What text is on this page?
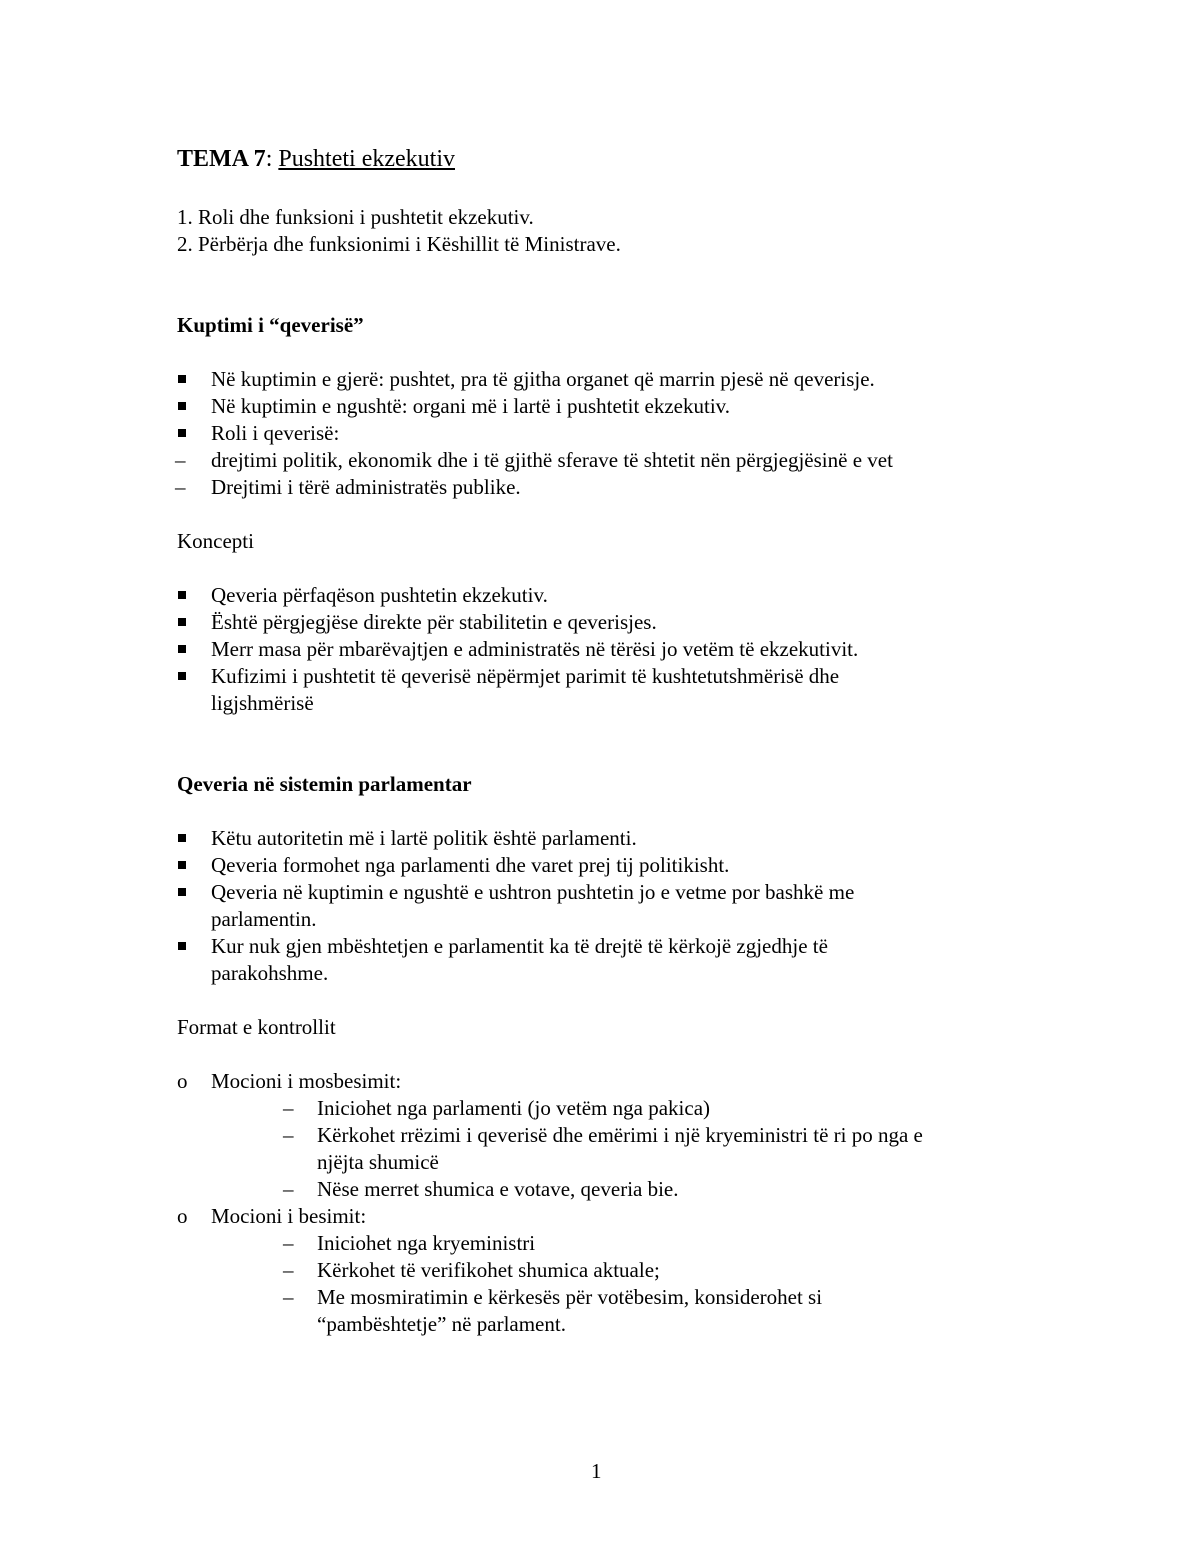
TEMA 7: Pushteti ekzekutiv
1. Roli dhe funksioni i pushtetit ekzekutiv.
2. Përbërja dhe funksionimi i Këshillit të Ministrave.
Kuptimi i “qeverisë”
Në kuptimin e gjerë: pushtet, pra të gjitha organet që marrin pjesë në qeverisje.
Në kuptimin e ngushtë: organi më i lartë i pushtetit ekzekutiv.
Roli i qeverisë:
– drejtimi politik, ekonomik dhe i të gjithë sferave të shtetit nën përgjegjësinë e vet
– Drejtimi i tërë administratës publike.
Koncepti
Qeveria përfaqëson pushtetin ekzekutiv.
Është përgjegjëse direkte për stabilitetin e qeverisjes.
Merr masa për mbarëvajtjen e administratës në tërësi jo vetëm të ekzekutivit.
Kufizimi i pushtetit të qeverisë nëpërmjet parimit të kushtetutshmërisë dhe
ligjshmërisë
Qeveria në sistemin parlamentar
Këtu autoritetin më i lartë politik është parlamenti.
Qeveria formohet nga parlamenti dhe varet prej tij politikisht.
Qeveria në kuptimin e ngushtë e ushtron pushtetin jo e vetme por bashkë me
parlamentin.
Kur nuk gjen mbështetjen e parlamentit ka të drejtë të kërkojë zgjedhje të
parakohshme.
Format e kontrollit
o Mocioni i mosbesimit:
– Iniciohet nga parlamenti (jo vetëm nga pakica)
– Kërkohet rrëzimi i qeverisë dhe emërimi i një kryeministri të ri po nga e
njëjta shumicë
– Nëse merret shumica e votave, qeveria bie.
o Mocioni i besimit:
– Iniciohet nga kryeministri
– Kërkohet të verifikohet shumica aktuale;
– Me mosmiratimin e kërkesës për votëbesim, konsiderohet si
“pambështetje” në parlament.
1
